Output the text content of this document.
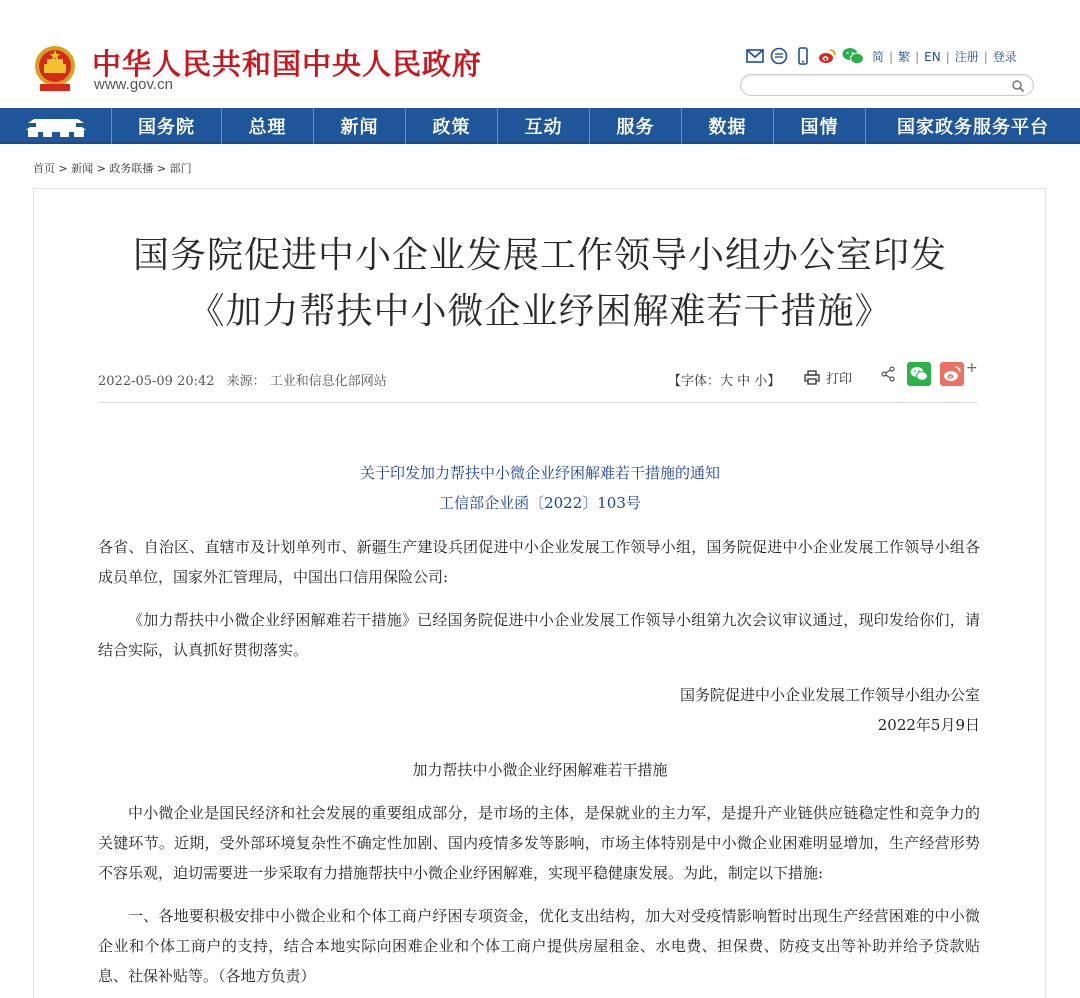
中华人民共和国中央人民政府
www.gov.cn
简 | 繁 | EN | 注册 | 登录
国务院	总理	新闻	政策	互动	服务	数据	国情	国家政务服务平台
首页 > 新闻 > 政务联播 > 部门
国务院促进中小企业发展工作领导小组办公室印发
《加力帮扶中小微企业纾困解难若干措施》
2022-05-09 20:42 来源： 工业和信息化部网站	【字体：大 中 小】	打印
+
关于印发加力帮扶中小微企业纾困解难若干措施的通知
工信部企业函〔2022〕103号
各省、自治区、直辖市及计划单列市、新疆生产建设兵团促进中小企业发展工作领导小组，国务院促进中小企业发展工作领导小组各成员单位，国家外汇管理局，中国出口信用保险公司:
《加力帮扶中小微企业纾困解难若干措施》已经国务院促进中小企业发展工作领导小组第九次会议审议通过，现印发给你们，请结合实际，认真抓好贯彻落实。
国务院促进中小企业发展工作领导小组办公室
2022年5月9日
加力帮扶中小微企业纾困解难若干措施
中小微企业是国民经济和社会发展的重要组成部分，是市场的主体，是保就业的主力军，是提升产业链供应链稳定性和竞争力的关键环节。近期，受外部环境复杂性不确定性加剧、国内疫情多发等影响，市场主体特别是中小微企业困难明显增加，生产经营形势不容乐观，迫切需要进一步采取有力措施帮扶中小微企业纾困解难，实现平稳健康发展。为此，制定以下措施:
一、各地要积极安排中小微企业和个体工商户纾困专项资金，优化支出结构，加大对受疫情影响暂时出现生产经营困难的中小微企业和个体工商户的支持，结合本地实际向困难企业和个体工商户提供房屋租金、水电费、担保费、防疫支出等补助并给予贷款贴息、社保补贴等。（各地方负责）
